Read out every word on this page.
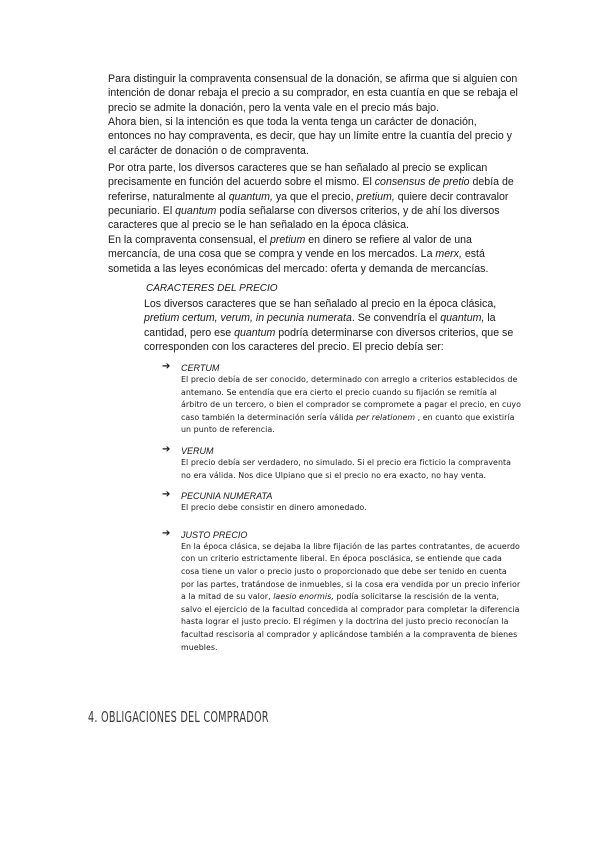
Para distinguir la compraventa consensual de la donación, se afirma que si alguien con intención de donar rebaja el precio a su comprador, en esta cuantía en que se rebaja el precio se admite la donación, pero la venta vale en el precio más bajo.

Ahora bien, si la intención es que toda la venta tenga un carácter de donación, entonces no hay compraventa, es decir, que hay un límite entre la cuantía del precio y el carácter de donación o de compraventa.

Por otra parte, los diversos caracteres que se han señalado al precio se explican precisamente en función del acuerdo sobre el mismo. El consensus de pretio debía de referirse, naturalmente al quantum, ya que el precio, pretium, quiere decir contravalor pecuniario. El quantum podía señalarse con diversos criterios, y de ahí los diversos caracteres que al precio se le han señalado en la época clásica.

En la compraventa consensual, el pretium en dinero se refiere al valor de una mercancía, de una cosa que se compra y vende en los mercados. La merx, está sometida a las leyes económicas del mercado: oferta y demanda de mercancías.

CARACTERES DEL PRECIO

Los diversos caracteres que se han señalado al precio en la época clásica, pretium certum, verum, in pecunia numerata. Se convendría el quantum, la cantidad, pero ese quantum podría determinarse con diversos criterios, que se corresponden con los caracteres del precio. El precio debía ser:

➔ CERTUM
El precio debía de ser conocido, determinado con arreglo a criterios establecidos de antemano. Se entendía que era cierto el precio cuando su fijación se remitía al árbitro de un tercero, o bien el comprador se compromete a pagar el precio, en cuyo caso también la determinación sería válida per relationem , en cuanto que existiría un punto de referencia.
➔ VERUM
El precio debía ser verdadero, no simulado. Si el precio era ficticio la compraventa no era válida. Nos dice Ulpiano que si el precio no era exacto, no hay venta.
➔ PECUNIA NUMERATA
El precio debe consistir en dinero amonedado.
➔ JUSTO PRECIO
En la época clásica, se dejaba la libre fijación de las partes contratantes, de acuerdo con un criterio estrictamente liberal. En época posclásica, se entiende que cada cosa tiene un valor o precio justo o proporcionado que debe ser tenido en cuenta por las partes, tratándose de inmuebles, si la cosa era vendida por un precio inferior a la mitad de su valor, laesio enormis, podía solicitarse la rescisión de la venta, salvo el ejercicio de la facultad concedida al comprador para completar la diferencia hasta lograr el justo precio. El régimen y la doctrina del justo precio reconocían la facultad rescisoria al comprador y aplicándose también a la compraventa de bienes muebles.
4. OBLIGACIONES DEL COMPRADOR
